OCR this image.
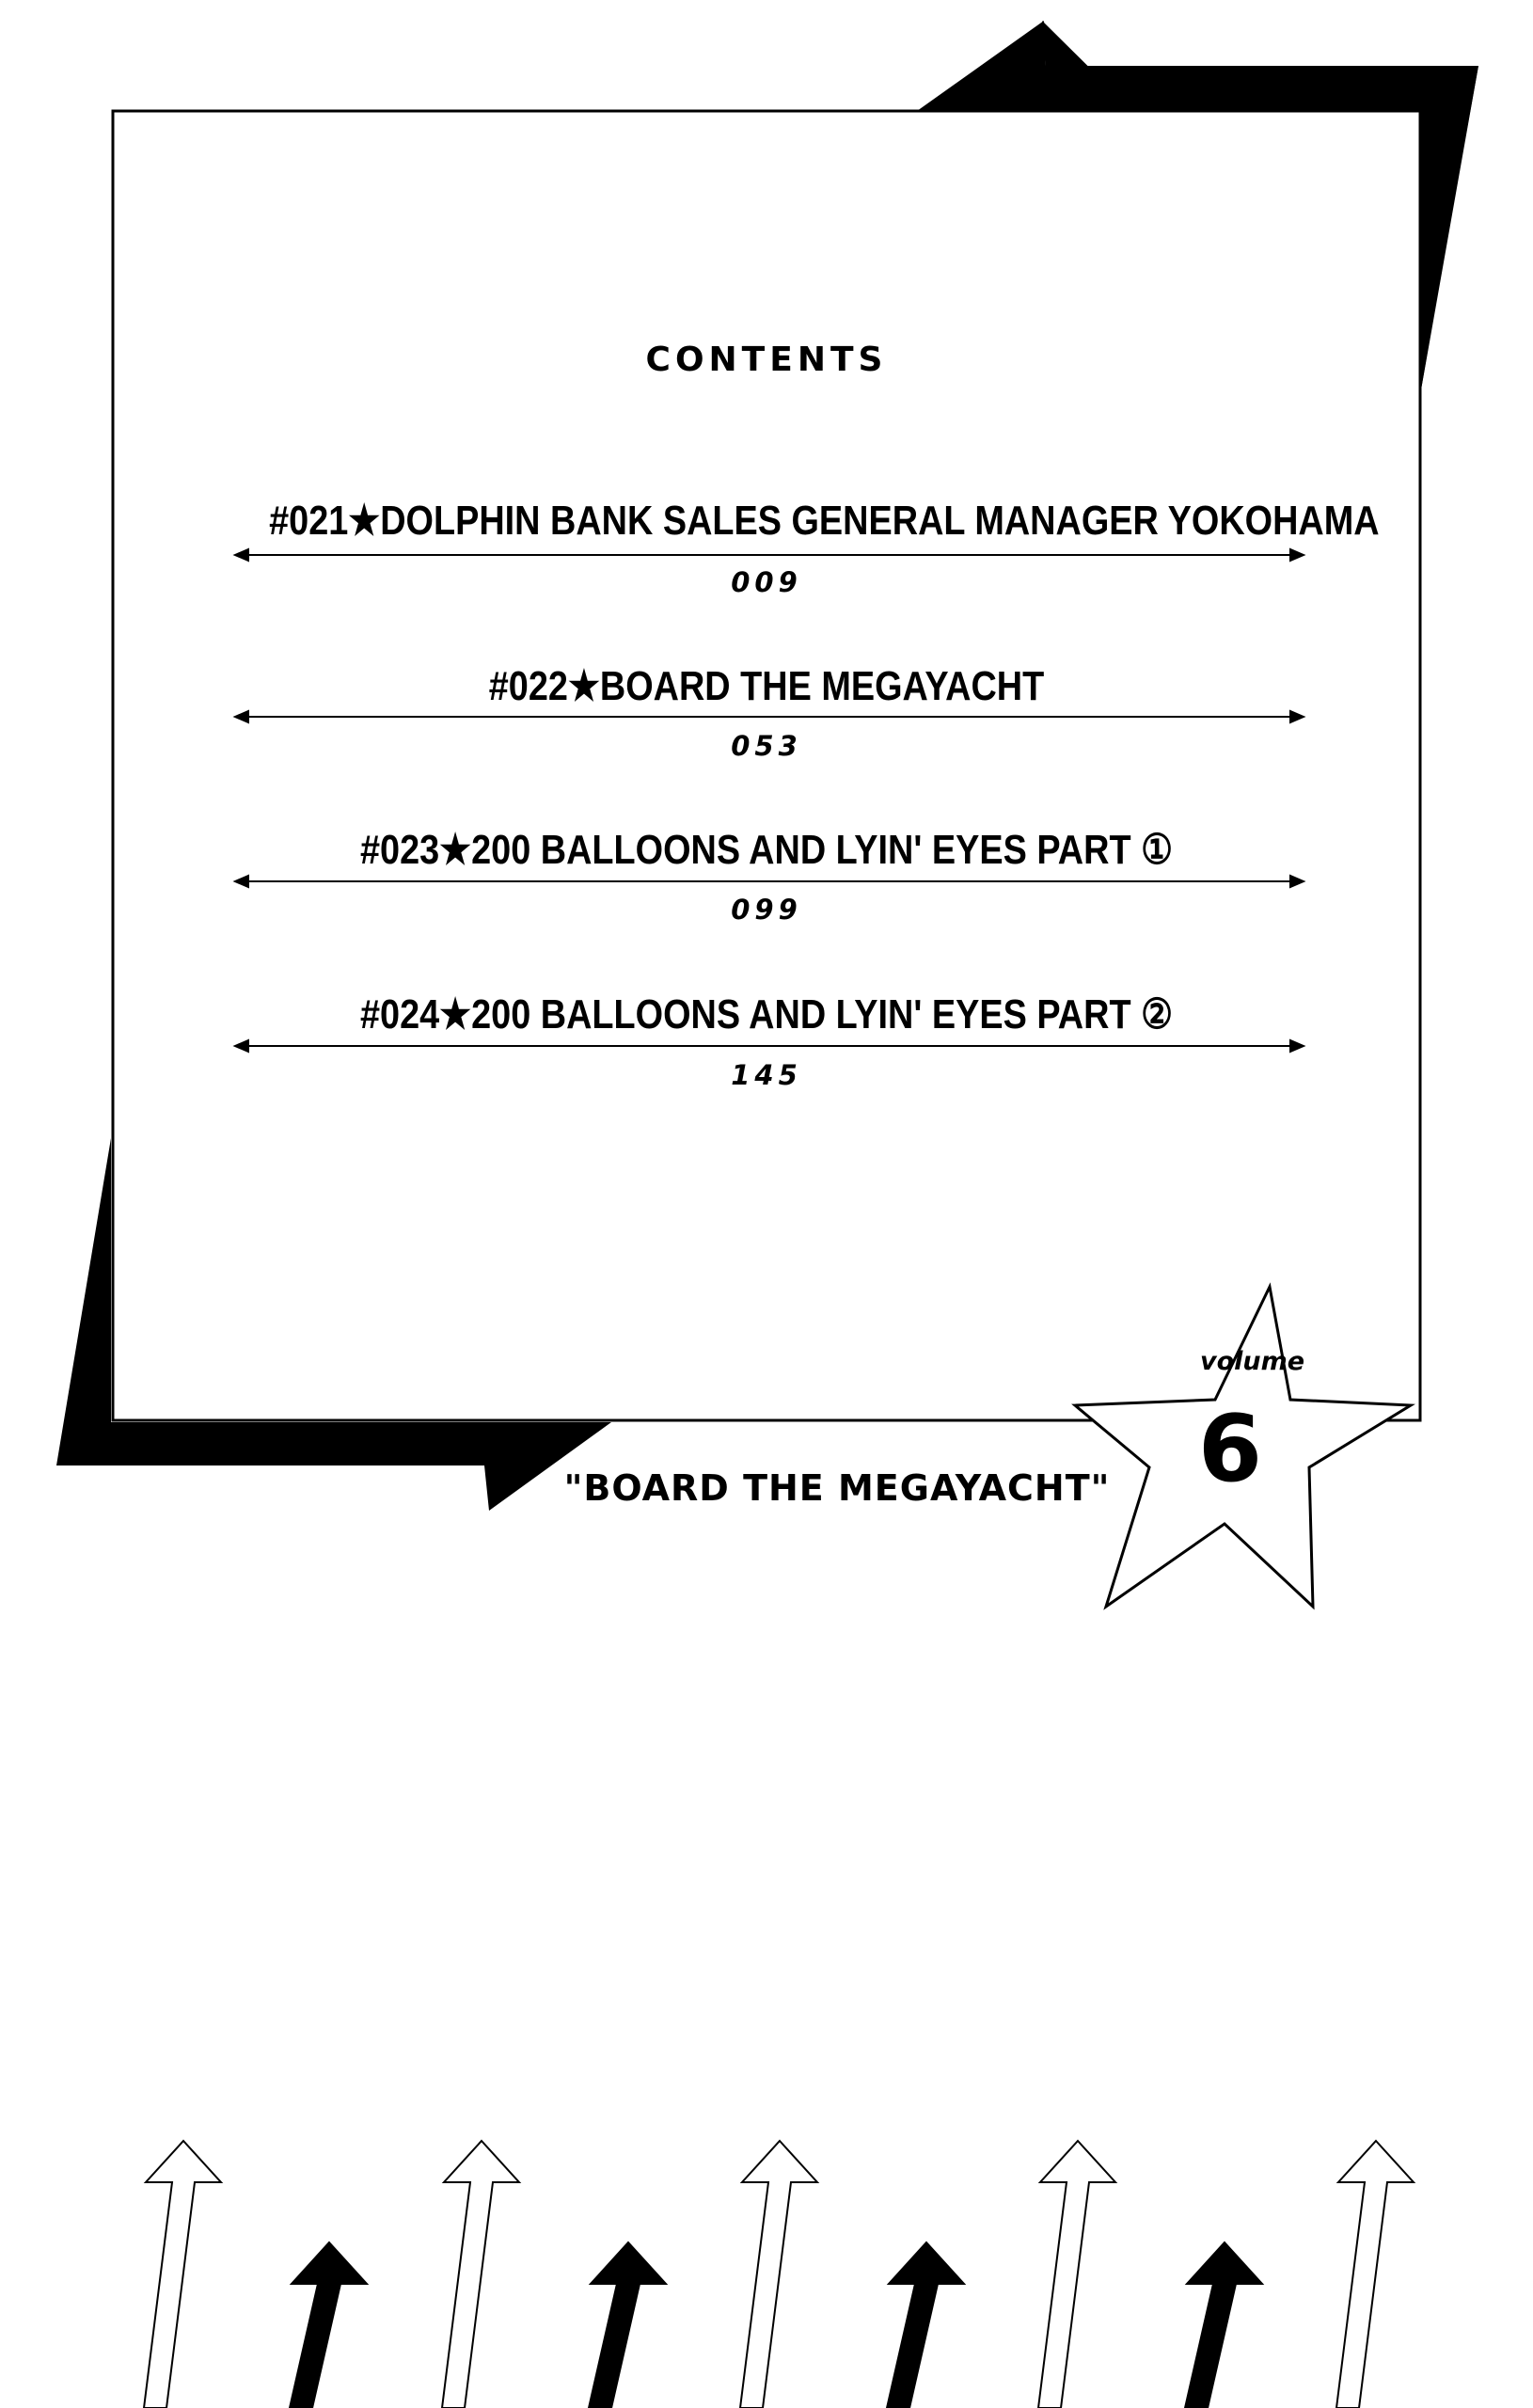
CONTENTS
#021★DOLPHIN BANK SALES GENERAL MANAGER YOKOHAMA
009
#022★BOARD THE MEGAYACHT
053
#023★200 BALLOONS AND LYIN' EYES PART ①
099
#024★200 BALLOONS AND LYIN' EYES PART ②
145
"BOARD THE MEGAYACHT"
volume
6
